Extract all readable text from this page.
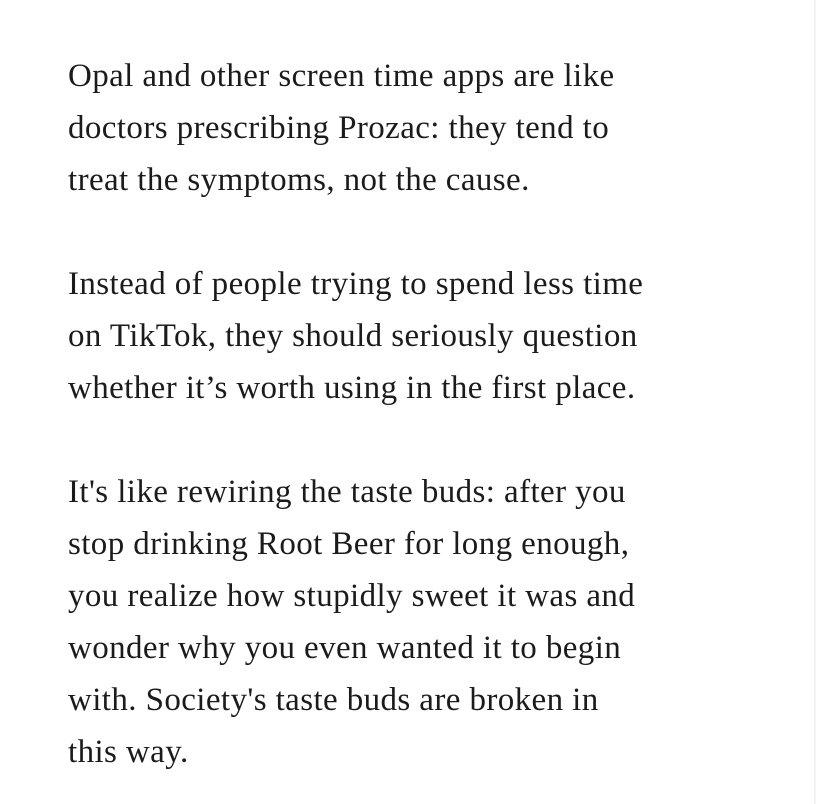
Opal and other screen time apps are like
doctors prescribing Prozac: they tend to
treat the symptoms, not the cause.

Instead of people trying to spend less time
on TikTok, they should seriously question
whether it’s worth using in the first place.

It's like rewiring the taste buds: after you
stop drinking Root Beer for long enough,
you realize how stupidly sweet it was and
wonder why you even wanted it to begin
with. Society's taste buds are broken in
this way.
